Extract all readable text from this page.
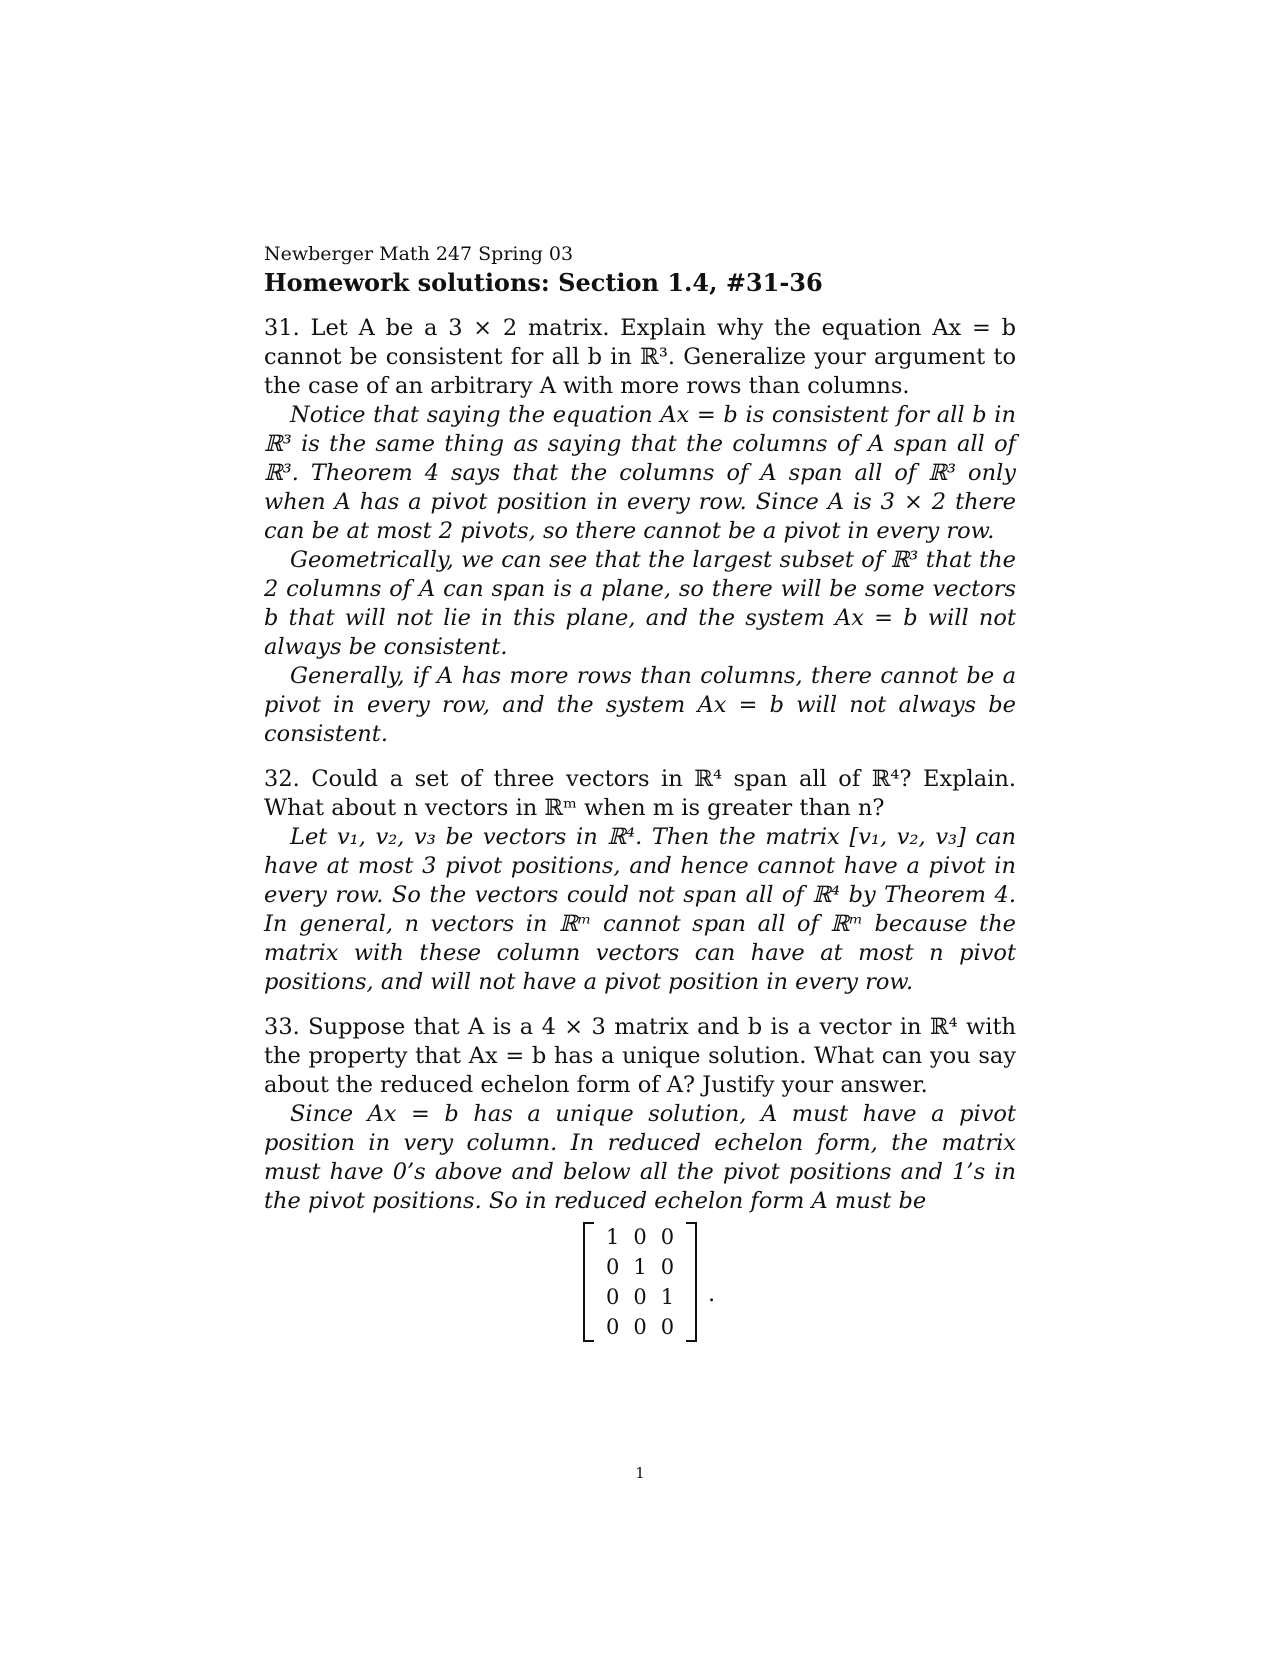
Newberger Math 247 Spring 03
Homework solutions: Section 1.4, #31-36

31. Let A be a 3 × 2 matrix. Explain why the equation Ax = b cannot be consistent for all b in ℝ³. Generalize your argument to the case of an arbitrary A with more rows than columns.

Notice that saying the equation Ax = b is consistent for all b in ℝ³ is the same thing as saying that the columns of A span all of ℝ³. Theorem 4 says that the columns of A span all of ℝ³ only when A has a pivot position in every row. Since A is 3 × 2 there can be at most 2 pivots, so there cannot be a pivot in every row.

Geometrically, we can see that the largest subset of ℝ³ that the 2 columns of A can span is a plane, so there will be some vectors b that will not lie in this plane, and the system Ax = b will not always be consistent.

Generally, if A has more rows than columns, there cannot be a pivot in every row, and the system Ax = b will not always be consistent.

32. Could a set of three vectors in ℝ⁴ span all of ℝ⁴? Explain. What about n vectors in ℝᵐ when m is greater than n?

Let v₁, v₂, v₃ be vectors in ℝ⁴. Then the matrix [v₁, v₂, v₃] can have at most 3 pivot positions, and hence cannot have a pivot in every row. So the vectors could not span all of ℝ⁴ by Theorem 4. In general, n vectors in ℝᵐ cannot span all of ℝᵐ because the matrix with these column vectors can have at most n pivot positions, and will not have a pivot position in every row.

33. Suppose that A is a 4 × 3 matrix and b is a vector in ℝ⁴ with the property that Ax = b has a unique solution. What can you say about the reduced echelon form of A? Justify your answer.

Since Ax = b has a unique solution, A must have a pivot position in very column. In reduced echelon form, the matrix must have 0’s above and below all the pivot positions and 1’s in the pivot positions. So in reduced echelon form A must be

1	0	0
0	1	0
0	0	1
0	0	0
.
1
